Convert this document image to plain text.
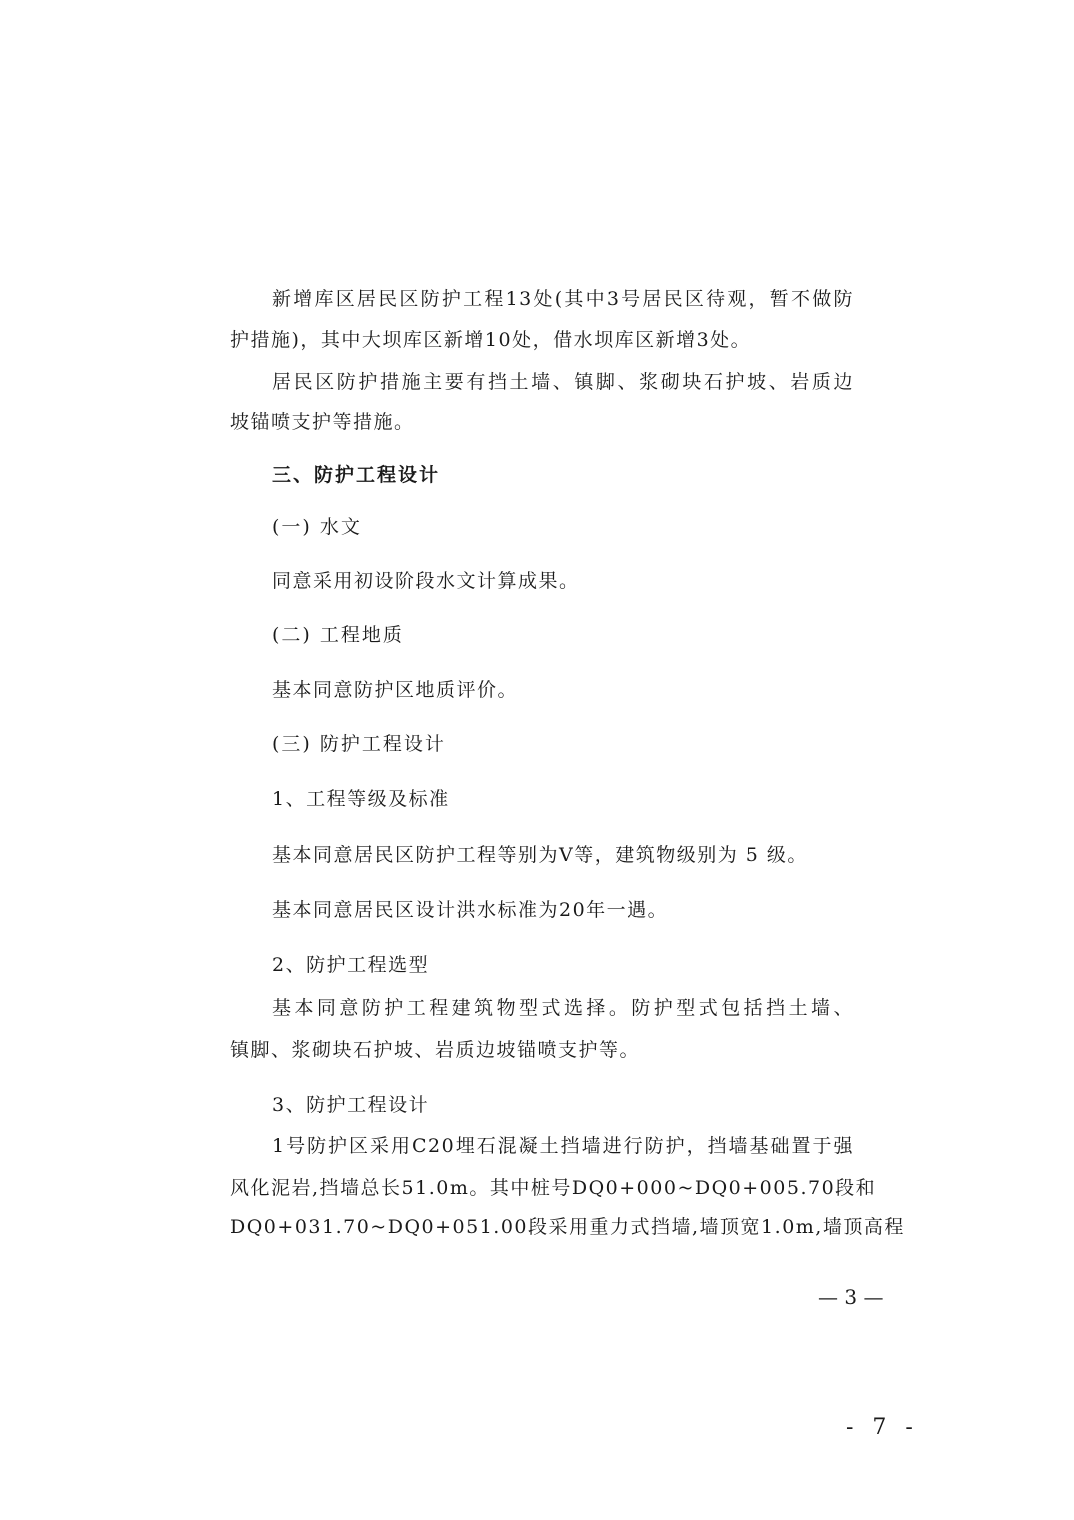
新增库区居民区防护工程13处(其中3号居民区待观，暂不做防
护措施)，其中大坝库区新增10处，借水坝库区新增3处。
居民区防护措施主要有挡土墙、镇脚、浆砌块石护坡、岩质边
坡锚喷支护等措施。
三、防护工程设计
(一) 水文
同意采用初设阶段水文计算成果。
(二) 工程地质
基本同意防护区地质评价。
(三) 防护工程设计
1、工程等级及标准
基本同意居民区防护工程等别为V等，建筑物级别为 5 级。
基本同意居民区设计洪水标准为20年一遇。
2、防护工程选型
基本同意防护工程建筑物型式选择。防护型式包括挡土墙、
镇脚、浆砌块石护坡、岩质边坡锚喷支护等。
3、防护工程设计
1号防护区采用C20埋石混凝土挡墙进行防护，挡墙基础置于强
风化泥岩,挡墙总长51.0m。其中桩号DQ0+000~DQ0+005.70段和
DQ0+031.70~DQ0+051.00段采用重力式挡墙,墙顶宽1.0m,墙顶高程
— 3 —
- 7 -
